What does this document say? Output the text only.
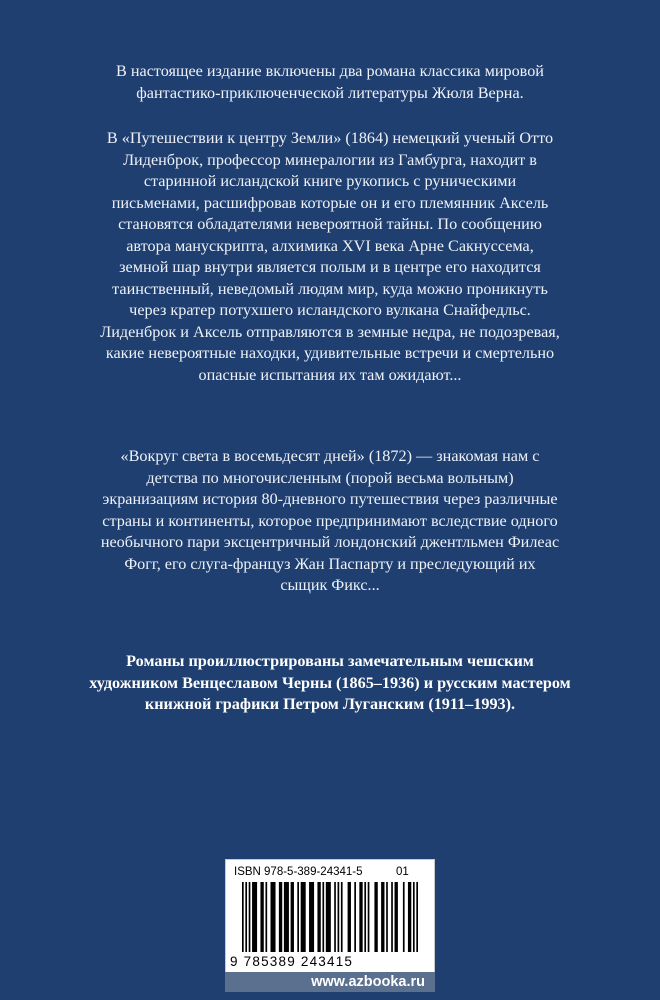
В настоящее издание включены два романа классика мировой фантастико-приключенческой литературы Жюля Верна.

В «Путешествии к центру Земли» (1864) немецкий ученый Отто Лиденброк, профессор минералогии из Гамбурга, находит в старинной исландской книге рукопись с руническими письменами, расшифровав которые он и его племянник Аксель становятся обладателями невероятной тайны. По сообщению автора манускрипта, алхимика XVI века Арне Сакнуссема, земной шар внутри является полым и в центре его находится таинственный, неведомый людям мир, куда можно проникнуть через кратер потухшего исландского вулкана Снайфедльс. Лиденброк и Аксель отправляются в земные недра, не подозревая, какие невероятные находки, удивительные встречи и смертельно опасные испытания их там ожидают...

«Вокруг света в восемьдесят дней» (1872) — знакомая нам с детства по многочисленным (порой весьма вольным) экранизациям история 80-дневного путешествия через различные страны и континенты, которое предпринимают вследствие одного необычного пари эксцентричный лондонский джентльмен Филеас Фогг, его слуга-француз Жан Паспарту и преследующий их сыщик Фикс...

Романы проиллюстрированы замечательным чешским художником Венцеславом Черны (1865–1936) и русским мастером книжной графики Петром Луганским (1911–1993).

ISBN 978-5-389-24341-5	01
9 785389 243415
www.azbooka.ru
